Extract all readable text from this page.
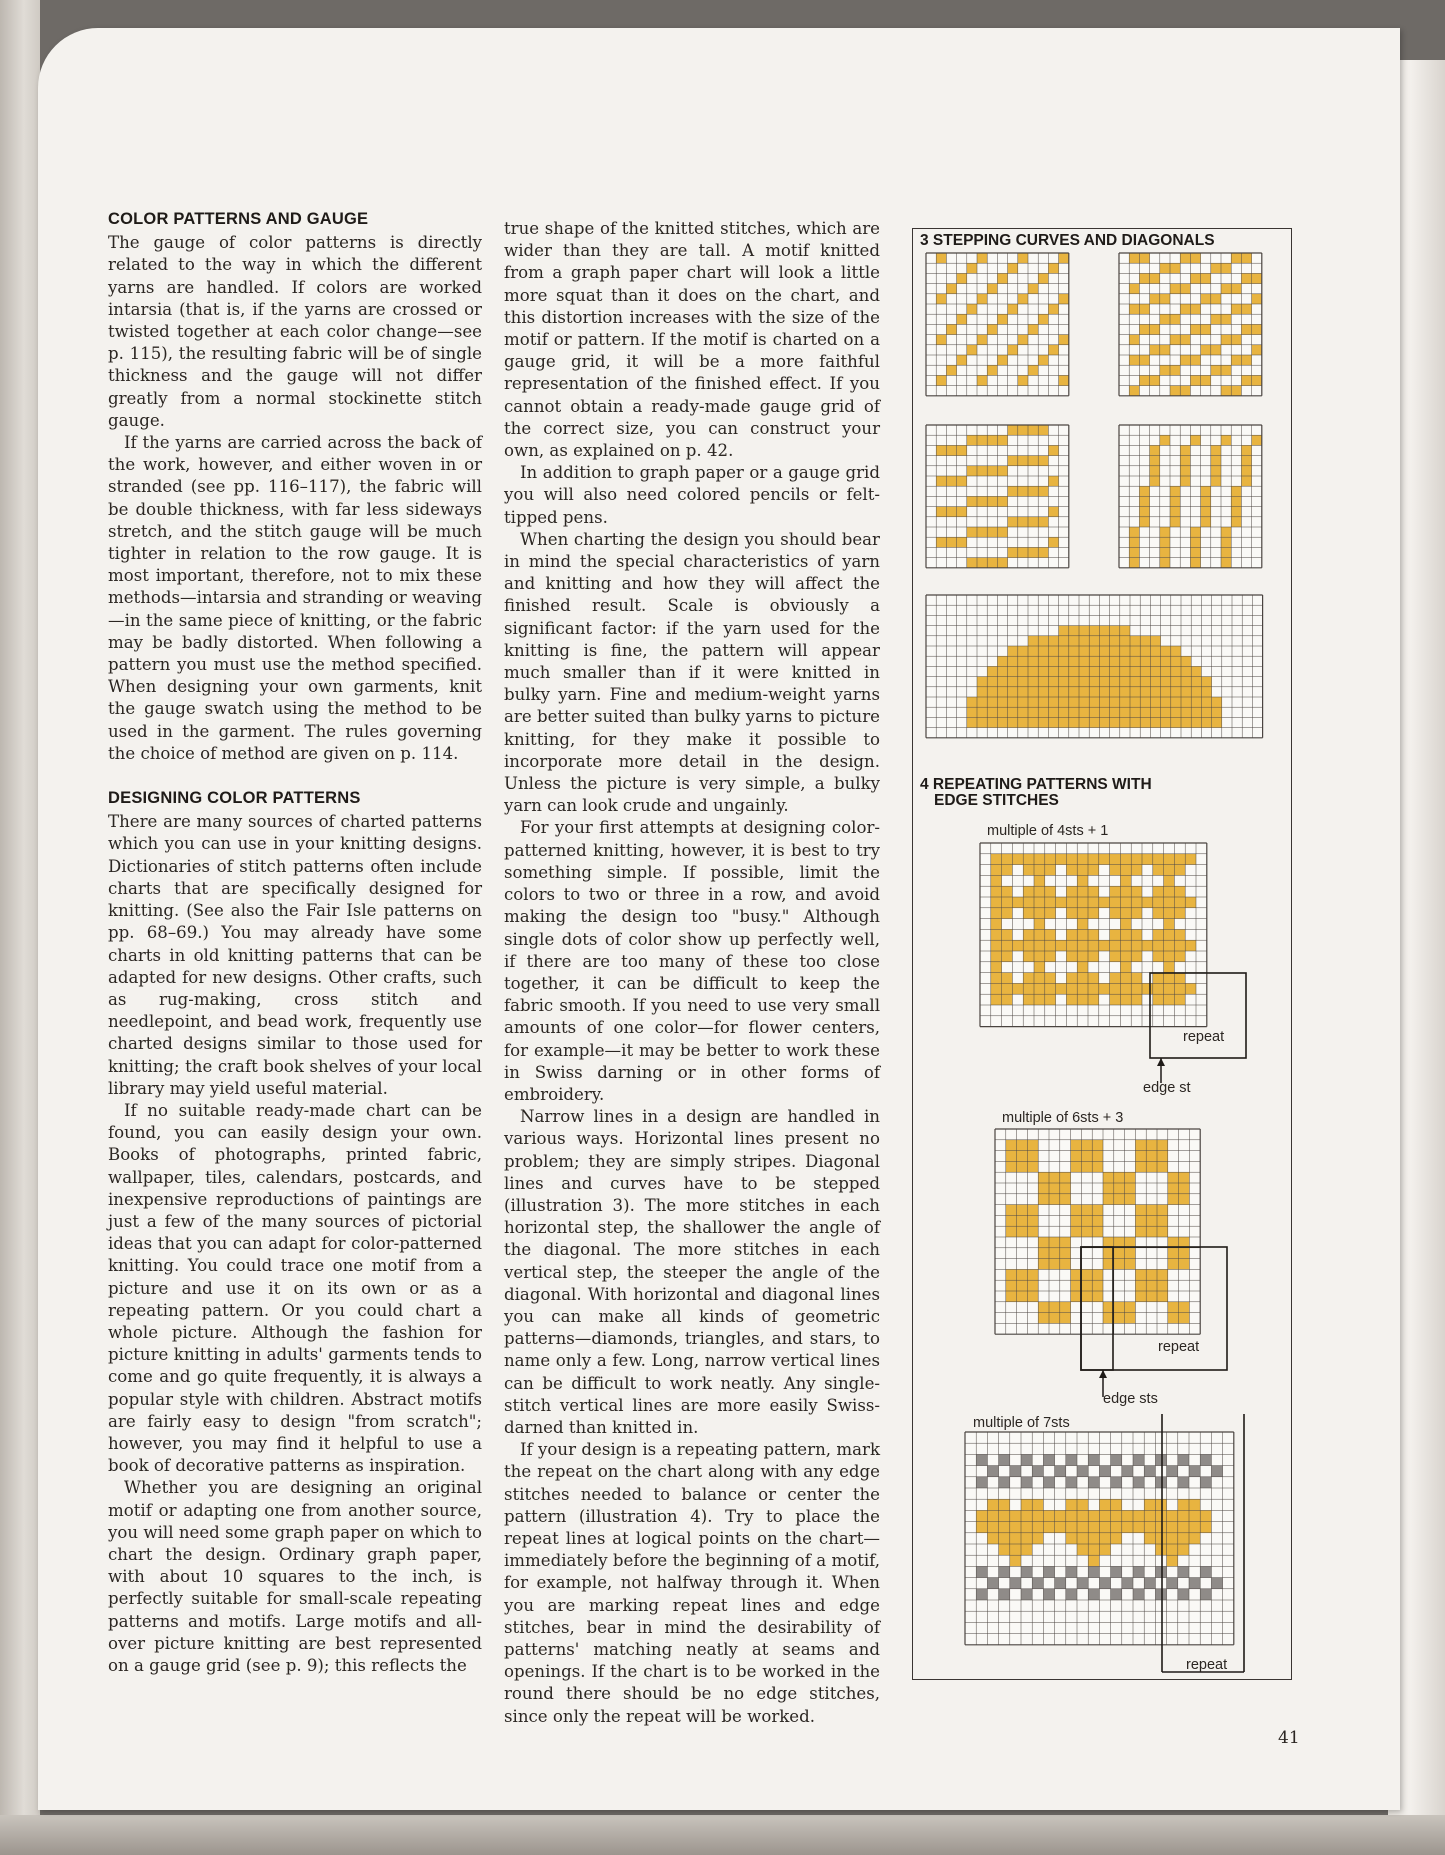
COLOR PATTERNS AND GAUGE

The gauge of color patterns is directly related to the way in which the different yarns are handled. If colors are worked intarsia (that is, if the yarns are crossed or twisted together at each color change—see p. 115), the resulting fabric will be of single thickness and the gauge will not differ greatly from a normal stockinette stitch gauge.

If the yarns are carried across the back of the work, however, and either woven in or stranded (see pp. 116–117), the fabric will be double thickness, with far less sideways stretch, and the stitch gauge will be much tighter in relation to the row gauge. It is most important, therefore, not to mix these methods—intarsia and stranding or weaving—in the same piece of knitting, or the fabric may be badly distorted. When following a pattern you must use the method specified. When designing your own garments, knit the gauge swatch using the method to be used in the garment. The rules governing the choice of method are given on p. 114.

DESIGNING COLOR PATTERNS

There are many sources of charted patterns which you can use in your knitting designs. Dictionaries of stitch patterns often include charts that are specifically designed for knitting. (See also the Fair Isle patterns on pp. 68–69.) You may already have some charts in old knitting patterns that can be adapted for new designs. Other crafts, such as rug-making, cross stitch and needlepoint, and bead work, frequently use charted designs similar to those used for knitting; the craft book shelves of your local library may yield useful material.

If no suitable ready-made chart can be found, you can easily design your own. Books of photographs, printed fabric, wallpaper, tiles, calendars, postcards, and inexpensive reproductions of paintings are just a few of the many sources of pictorial ideas that you can adapt for color-patterned knitting. You could trace one motif from a picture and use it on its own or as a repeating pattern. Or you could chart a whole picture. Although the fashion for picture knitting in adults' garments tends to come and go quite frequently, it is always a popular style with children. Abstract motifs are fairly easy to design "from scratch"; however, you may find it helpful to use a book of decorative patterns as inspiration.

Whether you are designing an original motif or adapting one from another source, you will need some graph paper on which to chart the design. Ordinary graph paper, with about 10 squares to the inch, is perfectly suitable for small-scale repeating patterns and motifs. Large motifs and all-over picture knitting are best represented on a gauge grid (see p. 9); this reflects the

true shape of the knitted stitches, which are wider than they are tall. A motif knitted from a graph paper chart will look a little more squat than it does on the chart, and this distortion increases with the size of the motif or pattern. If the motif is charted on a gauge grid, it will be a more faithful representation of the finished effect. If you cannot obtain a ready-made gauge grid of the correct size, you can construct your own, as explained on p. 42.

In addition to graph paper or a gauge grid you will also need colored pencils or felt-tipped pens.

When charting the design you should bear in mind the special characteristics of yarn and knitting and how they will affect the finished result. Scale is obviously a significant factor: if the yarn used for the knitting is fine, the pattern will appear much smaller than if it were knitted in bulky yarn. Fine and medium-weight yarns are better suited than bulky yarns to picture knitting, for they make it possible to incorporate more detail in the design. Unless the picture is very simple, a bulky yarn can look crude and ungainly.

For your first attempts at designing color-patterned knitting, however, it is best to try something simple. If possible, limit the colors to two or three in a row, and avoid making the design too "busy." Although single dots of color show up perfectly well, if there are too many of these too close together, it can be difficult to keep the fabric smooth. If you need to use very small amounts of one color—for flower centers, for example—it may be better to work these in Swiss darning or in other forms of embroidery.

Narrow lines in a design are handled in various ways. Horizontal lines present no problem; they are simply stripes. Diagonal lines and curves have to be stepped (illustration 3). The more stitches in each horizontal step, the shallower the angle of the diagonal. The more stitches in each vertical step, the steeper the angle of the diagonal. With horizontal and diagonal lines you can make all kinds of geometric patterns—diamonds, triangles, and stars, to name only a few. Long, narrow vertical lines can be difficult to work neatly. Any single-stitch vertical lines are more easily Swiss-darned than knitted in.

If your design is a repeating pattern, mark the repeat on the chart along with any edge stitches needed to balance or center the pattern (illustration 4). Try to place the repeat lines at logical points on the chart—immediately before the beginning of a motif, for example, not halfway through it. When you are marking repeat lines and edge stitches, bear in mind the desirability of patterns' matching neatly at seams and openings. If the chart is to be worked in the round there should be no edge stitches, since only the repeat will be worked.

3 STEPPING CURVES AND DIAGONALS
4 REPEATING PATTERNS WITH
EDGE STITCHES
multiple of 4sts + 1
repeat
edge st
multiple of 6sts + 3
repeat
edge sts
multiple of 7sts
repeat
41
